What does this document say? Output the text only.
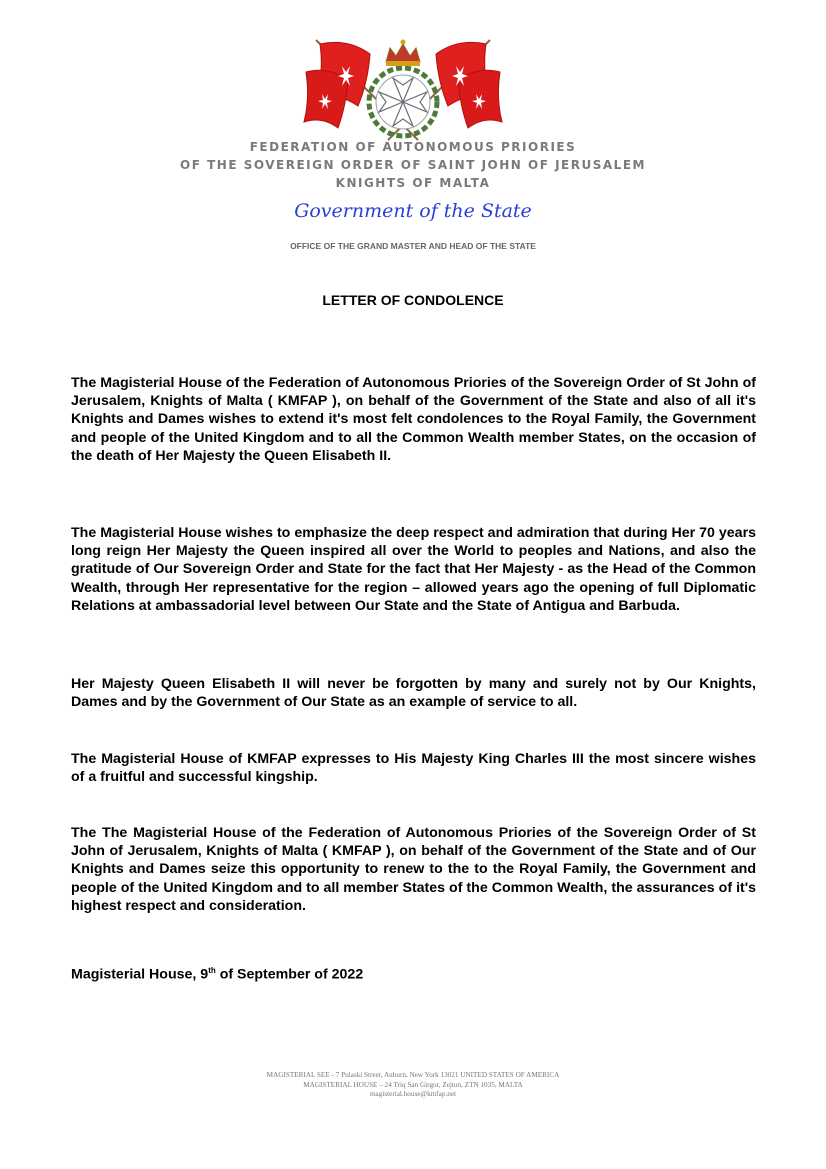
FEDERATION OF AUTONOMOUS PRIORIES
OF THE SOVEREIGN ORDER OF SAINT JOHN OF JERUSALEM
KNIGHTS OF MALTA
Government of the State
OFFICE OF THE GRAND MASTER AND HEAD OF THE STATE
LETTER OF CONDOLENCE

The Magisterial House of the Federation of Autonomous Priories of the Sovereign Order of St John of Jerusalem, Knights of Malta ( KMFAP ), on behalf of the Government of the State and also of all it's Knights and Dames wishes to extend it's most felt condolences to the Royal Family, the Government and people of the United Kingdom and to all the Common Wealth member States, on the occasion of the death of Her Majesty the Queen Elisabeth II.

The Magisterial House wishes to emphasize the deep respect and admiration that during Her 70 years long reign Her Majesty the Queen inspired all over the World to peoples and Nations, and also the gratitude of Our Sovereign Order and State for the fact that Her Majesty - as the Head of the Common Wealth, through Her representative for the region – allowed years ago the opening of full Diplomatic Relations at ambassadorial level between Our State and the State of Antigua and Barbuda.

Her Majesty Queen Elisabeth II will never be forgotten by many and surely not by Our Knights, Dames and by the Government of Our State as an example of service to all.

The Magisterial House of KMFAP expresses to His Majesty King Charles III the most sincere wishes of a fruitful and successful kingship.

The The Magisterial House of the Federation of Autonomous Priories of the Sovereign Order of St John of Jerusalem, Knights of Malta ( KMFAP ), on behalf of the Government of the State and of Our Knights and Dames seize this opportunity to renew to the to the Royal Family, the Government and people of the United Kingdom and to all member States of the Common Wealth, the assurances of it's highest respect and consideration.

Magisterial House, 9th of September of 2022
MAGISTERIAL SEE - 7 Pulaski Street, Auburn, New York 13021 UNITED STATES OF AMERICA
MAGISTERIAL HOUSE – 24 Triq San Girgor, Zejtun, ZTN 1035, MALTA
magisterial.house@kmfap.net
